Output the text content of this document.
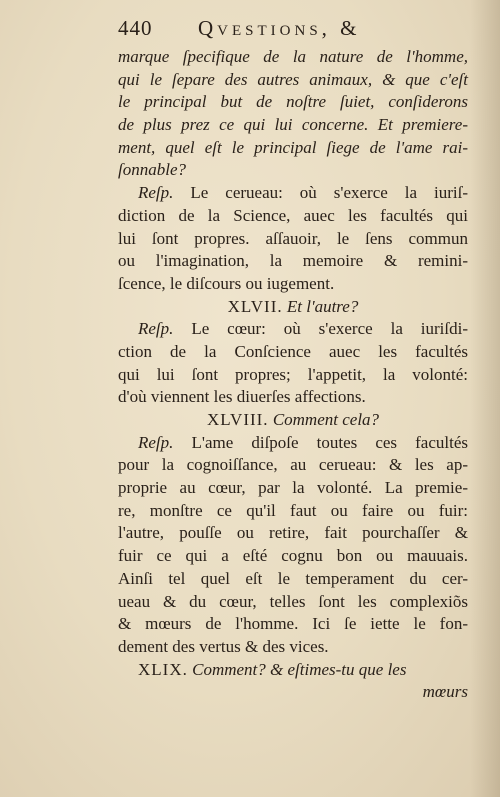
440 Qvestions, &
marque ſpecifique de la nature de l'homme,
qui le ſepare des autres animaux, & que c'eſt
le principal but de noſtre ſuiet, conſiderons
de plus prez ce qui lui concerne. Et premiere-
ment, quel eſt le principal ſiege de l'ame rai-
ſonnable?
Reſp. Le cerueau: où s'exerce la iuriſ-
diction de la Science, auec les facultés qui
lui ſont propres. aſſauoir, le ſens commun
ou l'imagination, la memoire & remini-
ſcence, le diſcours ou iugement.
XLVII. Et l'autre?
Reſp. Le cœur: où s'exerce la iuriſdi-
ction de la Conſcience auec les facultés
qui lui ſont propres; l'appetit, la volonté:
d'où viennent les diuerſes affections.
XLVIII. Comment cela?
Reſp. L'ame diſpoſe toutes ces facultés
pour la cognoiſſance, au cerueau: & les ap-
proprie au cœur, par la volonté. La premie-
re, monſtre ce qu'il faut ou faire ou fuir:
l'autre, pouſſe ou retire, fait pourchaſſer &
fuir ce qui a eſté cognu bon ou mauuais.
Ainſi tel quel eſt le temperament du cer-
ueau & du cœur, telles ſont les complexiõs
& mœurs de l'homme. Ici ſe iette le fon-
dement des vertus & des vices.
XLIX. Comment? & eſtimes-tu que les
mœurs
